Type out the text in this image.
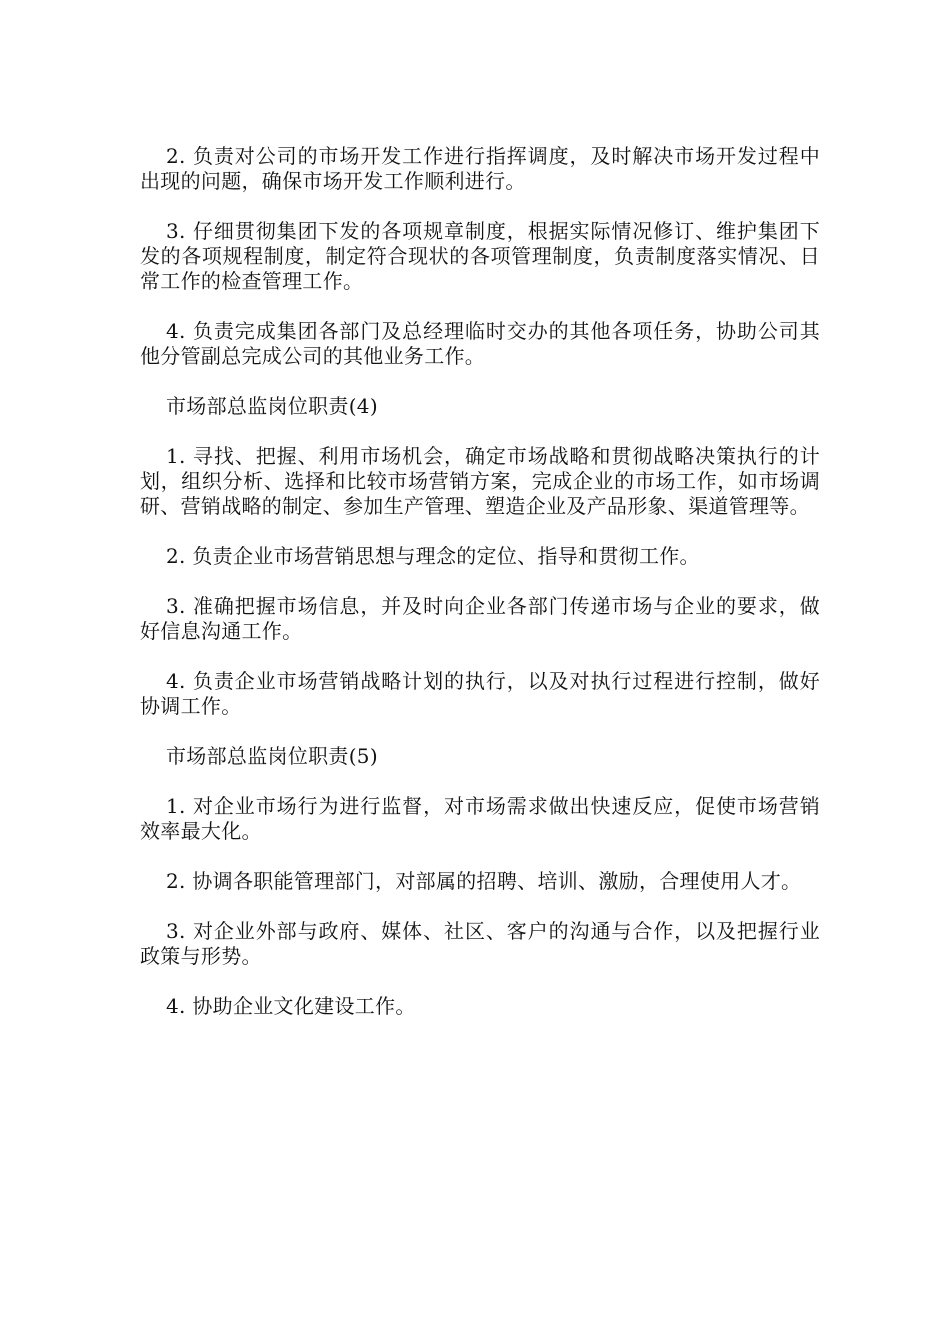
2. 负责对公司的市场开发工作进行指挥调度，及时解决市场开发过程中出现的问题，确保市场开发工作顺利进行。

3. 仔细贯彻集团下发的各项规章制度，根据实际情况修订、维护集团下发的各项规程制度，制定符合现状的各项管理制度，负责制度落实情况、日常工作的检查管理工作。

4. 负责完成集团各部门及总经理临时交办的其他各项任务，协助公司其他分管副总完成公司的其他业务工作。

市场部总监岗位职责(4)

1. 寻找、把握、利用市场机会，确定市场战略和贯彻战略决策执行的计划，组织分析、选择和比较市场营销方案，完成企业的市场工作，如市场调研、营销战略的制定、参加生产管理、塑造企业及产品形象、渠道管理等。

2. 负责企业市场营销思想与理念的定位、指导和贯彻工作。

3. 准确把握市场信息，并及时向企业各部门传递市场与企业的要求，做好信息沟通工作。

4. 负责企业市场营销战略计划的执行，以及对执行过程进行控制，做好协调工作。

市场部总监岗位职责(5)

1. 对企业市场行为进行监督，对市场需求做出快速反应，促使市场营销效率最大化。

2. 协调各职能管理部门，对部属的招聘、培训、激励，合理使用人才。

3. 对企业外部与政府、媒体、社区、客户的沟通与合作，以及把握行业政策与形势。

4. 协助企业文化建设工作。
